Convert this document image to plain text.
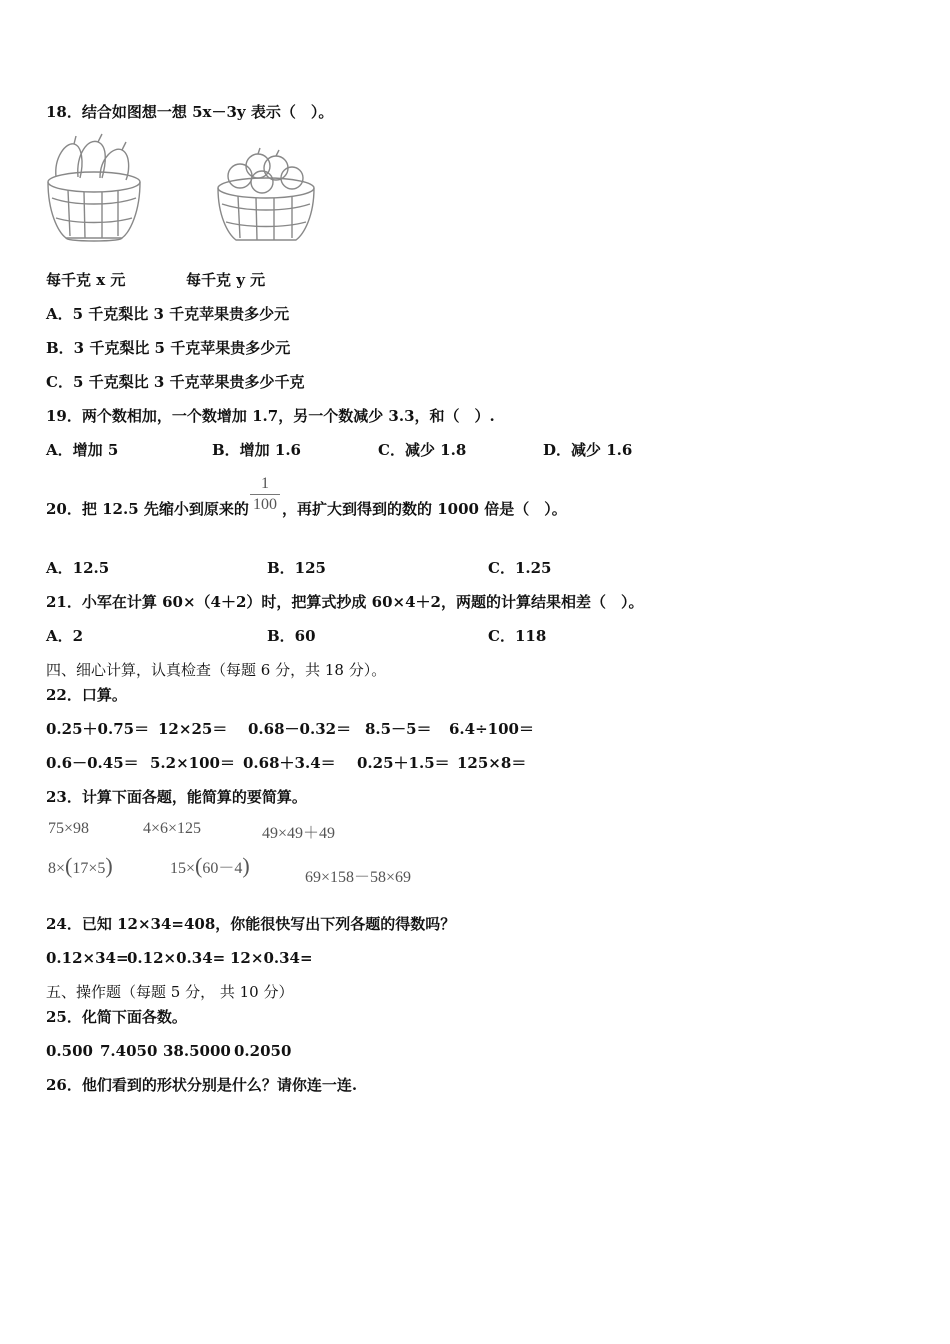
18．结合如图想一想 5x－3y 表示（　）。
每千克 x 元	每千克 y 元
A．5 千克梨比 3 千克苹果贵多少元
B．3 千克梨比 5 千克苹果贵多少元
C．5 千克梨比 3 千克苹果贵多少千克
19．两个数相加，一个数增加 1.7，另一个数减少 3.3，和（　）.
A．增加 5	B．增加 1.6	C．减少 1.8	D．减少 1.6
20．把 12.5 先缩小到原来的 $\frac{1}{100}$ ，再扩大到得到的数的 1000 倍是（　）。
A．12.5	B．125	C．1.25
21．小军在计算 60×（4＋2）时，把算式抄成 60×4＋2，两题的计算结果相差（　）。
A．2	B．60	C．118
四、细心计算，认真检查（每题 6 分，共 18 分）。
22．口算。
0.25＋0.75＝ 12×25＝ 0.68－0.32＝ 8.5－5＝ 6.4÷100＝
0.6－0.45＝ 5.2×100＝ 0.68＋3.4＝ 0.25＋1.5＝ 125×8＝
23．计算下面各题，能简算的要简算。
75×98	4×6×125	49×49＋49
8×(17×5)	15×(60－4)	69×158－58×69
24．已知 12×34=408，你能很快写出下列各题的得数吗？
0.12×34=
0.12×0.34= 12×0.34=
五、操作题（每题 5 分， 共 10 分）
25．化简下面各数。
0.500 7.4050 38.5000 0.2050
26．他们看到的形状分别是什么？请你连一连.
